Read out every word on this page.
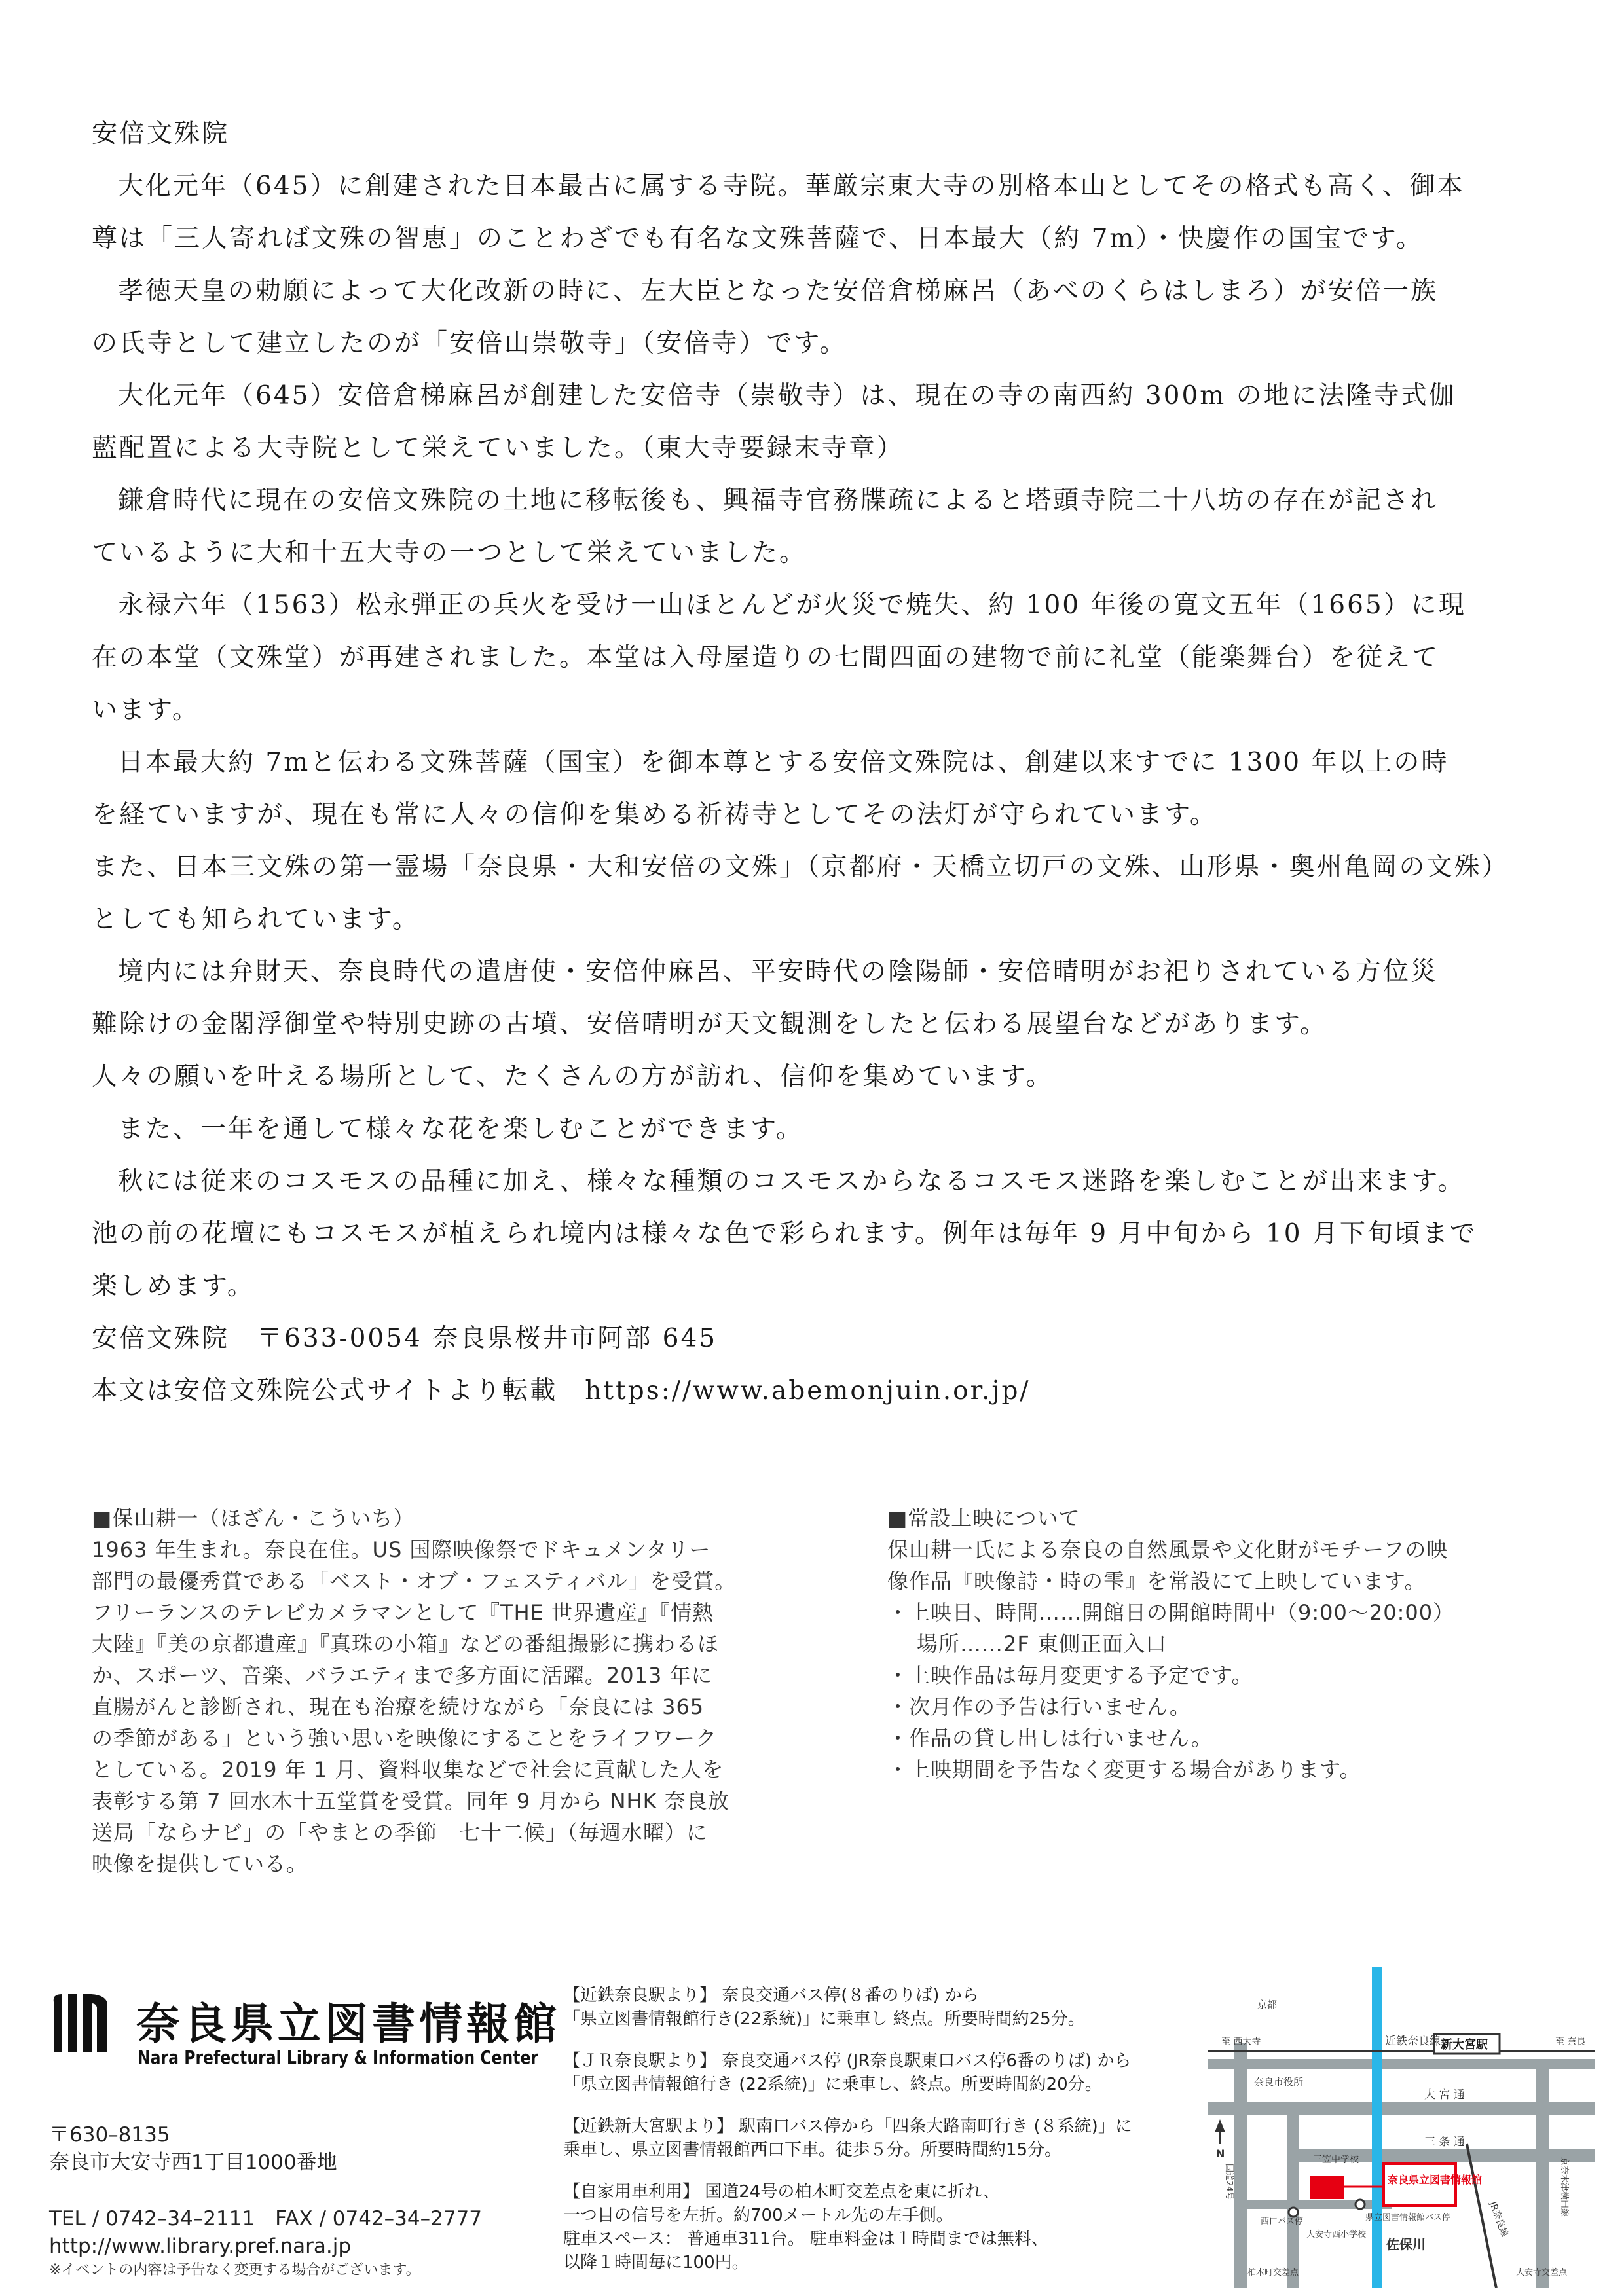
安倍文殊院

大化元年（645）に創建された日本最古に属する寺院。華厳宗東大寺の別格本山としてその格式も高く、御本

尊は「三人寄れば文殊の智恵」のことわざでも有名な文殊菩薩で、日本最大（約 7m）・快慶作の国宝です。

孝徳天皇の勅願によって大化改新の時に、左大臣となった安倍倉梯麻呂（あべのくらはしまろ）が安倍一族

の氏寺として建立したのが「安倍山崇敬寺」（安倍寺）です。

大化元年（645）安倍倉梯麻呂が創建した安倍寺（崇敬寺）は、現在の寺の南西約 300m の地に法隆寺式伽

藍配置による大寺院として栄えていました。（東大寺要録末寺章）

鎌倉時代に現在の安倍文殊院の土地に移転後も、興福寺官務牒疏によると塔頭寺院二十八坊の存在が記され

ているように大和十五大寺の一つとして栄えていました。

永禄六年（1563）松永弾正の兵火を受け一山ほとんどが火災で焼失、約 100 年後の寛文五年（1665）に現

在の本堂（文殊堂）が再建されました。本堂は入母屋造りの七間四面の建物で前に礼堂（能楽舞台）を従えて

います。

日本最大約 7mと伝わる文殊菩薩（国宝）を御本尊とする安倍文殊院は、創建以来すでに 1300 年以上の時

を経ていますが、現在も常に人々の信仰を集める祈祷寺としてその法灯が守られています。

また、日本三文殊の第一霊場「奈良県・大和安倍の文殊」（京都府・天橋立切戸の文殊、山形県・奥州亀岡の文殊）

としても知られています。

境内には弁財天、奈良時代の遣唐使・安倍仲麻呂、平安時代の陰陽師・安倍晴明がお祀りされている方位災

難除けの金閣浮御堂や特別史跡の古墳、安倍晴明が天文観測をしたと伝わる展望台などがあります。

人々の願いを叶える場所として、たくさんの方が訪れ、信仰を集めています。

また、一年を通して様々な花を楽しむことができます。

秋には従来のコスモスの品種に加え、様々な種類のコスモスからなるコスモス迷路を楽しむことが出来ます。

池の前の花壇にもコスモスが植えられ境内は様々な色で彩られます。例年は毎年 9 月中旬から 10 月下旬頃まで

楽しめます。

安倍文殊院　〒633-0054 奈良県桜井市阿部 645

本文は安倍文殊院公式サイトより転載　https://www.abemonjuin.or.jp/

■保山耕一（ほざん・こういち）
1963 年生まれ。奈良在住。US 国際映像祭でドキュメンタリー
部門の最優秀賞である「ベスト・オブ・フェスティバル」を受賞。
フリーランスのテレビカメラマンとして『THE 世界遺産』『情熱
大陸』『美の京都遺産』『真珠の小箱』などの番組撮影に携わるほ
か、スポーツ、音楽、バラエティまで多方面に活躍。2013 年に
直腸がんと診断され、現在も治療を続けながら「奈良には 365
の季節がある」という強い思いを映像にすることをライフワーク
としている。2019 年 1 月、資料収集などで社会に貢献した人を
表彰する第 7 回水木十五堂賞を受賞。同年 9 月から NHK 奈良放
送局「ならナビ」の「やまとの季節　七十二候」（毎週水曜）に
映像を提供している。
■常設上映について
保山耕一氏による奈良の自然風景や文化財がモチーフの映
像作品『映像詩・時の雫』を常設にて上映しています。
・上映日、時間……開館日の開館時間中（9:00〜20:00）
場所……2F 東側正面入口
・上映作品は毎月変更する予定です。
・次月作の予告は行いません。
・作品の貸し出しは行いません。
・上映期間を予告なく変更する場合があります。
奈良県立図書情報館
Nara Prefectural Library & Information Center
〒630–8135
奈良市大安寺西1丁目1000番地
TEL / 0742–34–2111　FAX / 0742–34–2777
http://www.library.pref.nara.jp
※イベントの内容は予告なく変更する場合がございます。
【近鉄奈良駅より】 奈良交通バス停(８番のりば) から
「県立図書情報館行き(22系統)」に乗車し 終点。所要時間約25分。
【ＪＲ奈良駅より】 奈良交通バス停 (JR奈良駅東口バス停6番のりば) から
「県立図書情報館行き (22系統)」に乗車し、終点。所要時間約20分。
【近鉄新大宮駅より】 駅南口バス停から「四条大路南町行き (８系統)」に
乗車し、県立図書情報館西口下車。徒歩５分。所要時間約15分。
【自家用車利用】 国道24号の柏木町交差点を東に折れ、
一つ目の信号を左折。約700メートル先の左手側。
駐車スペース： 普通車311台。 駐車料金は１時間までは無料、
以降１時間毎に100円。
京都
至 西大寺	近鉄奈良線 新大宮駅	至 奈良
奈良市役所
大 宮 通
三 条 通
三笠中学校
奈良県立図書情報館
JR奈良線
京奈木津横田線
国道24号
西口バス停	県立図書情報館バス停
大安寺西小学校
佐保川
柏木町交差点	大安寺交差点
N
